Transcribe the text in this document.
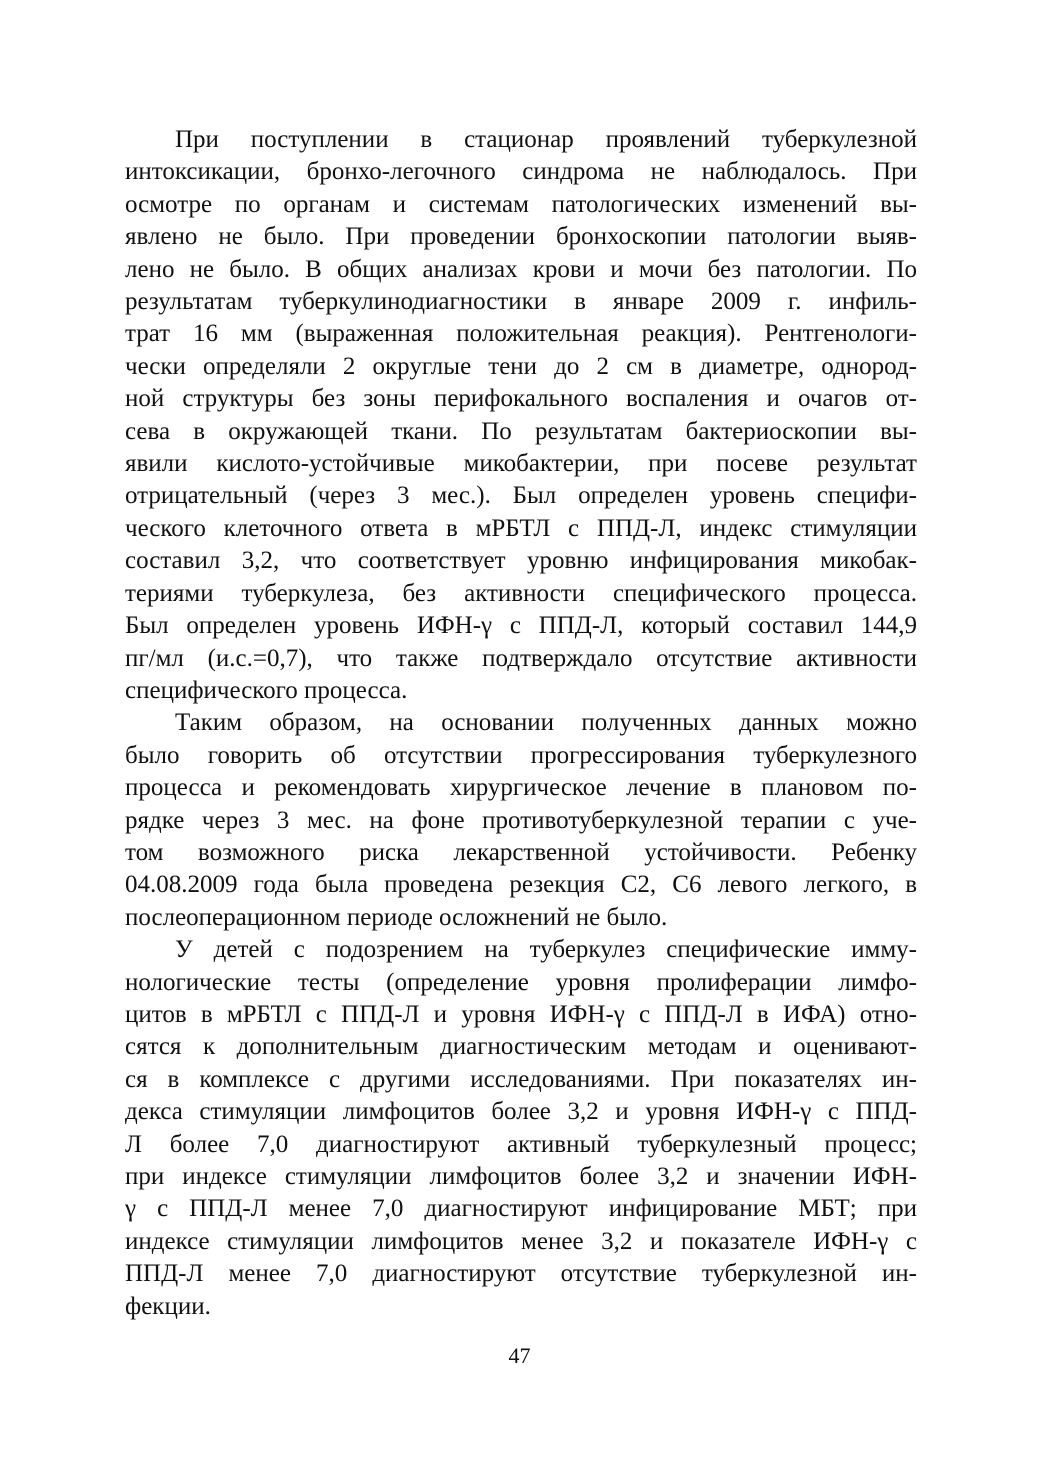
При поступлении в стационар проявлений туберкулезной
интоксикации, бронхо-легочного синдрома не наблюдалось. При
осмотре по органам и системам патологических изменений вы-
явлено не было. При проведении бронхоскопии патологии выяв-
лено не было. В общих анализах крови и мочи без патологии. По
результатам туберкулинодиагностики в январе 2009 г. инфиль-
трат 16 мм (выраженная положительная реакция). Рентгенологи-
чески определяли 2 округлые тени до 2 см в диаметре, однород-
ной структуры без зоны перифокального воспаления и очагов от-
сева в окружающей ткани. По результатам бактериоскопии вы-
явили кислото-устойчивые микобактерии, при посеве результат
отрицательный (через 3 мес.). Был определен уровень специфи-
ческого клеточного ответа в мРБТЛ с ППД-Л, индекс стимуляции
составил 3,2, что соответствует уровню инфицирования микобак-
териями туберкулеза, без активности специфического процесса.
Был определен уровень ИФН-γ с ППД-Л, который составил 144,9
пг/мл (и.с.=0,7), что также подтверждало отсутствие активности
специфического процесса.
Таким образом, на основании полученных данных можно
было говорить об отсутствии прогрессирования туберкулезного
процесса и рекомендовать хирургическое лечение в плановом по-
рядке через 3 мес. на фоне противотуберкулезной терапии с уче-
том возможного риска лекарственной устойчивости. Ребенку
04.08.2009 года была проведена резекция С2, С6 левого легкого, в
послеоперационном периоде осложнений не было.
У детей с подозрением на туберкулез специфические имму-
нологические тесты (определение уровня пролиферации лимфо-
цитов в мРБТЛ с ППД-Л и уровня ИФН-γ с ППД-Л в ИФА) отно-
сятся к дополнительным диагностическим методам и оценивают-
ся в комплексе с другими исследованиями. При показателях ин-
декса стимуляции лимфоцитов более 3,2 и уровня ИФН-γ с ППД-
Л более 7,0 диагностируют активный туберкулезный процесс;
при индексе стимуляции лимфоцитов более 3,2 и значении ИФН-
γ с ППД-Л менее 7,0 диагностируют инфицирование МБТ; при
индексе стимуляции лимфоцитов менее 3,2 и показателе ИФН-γ с
ППД-Л менее 7,0 диагностируют отсутствие туберкулезной ин-
фекции.
47
